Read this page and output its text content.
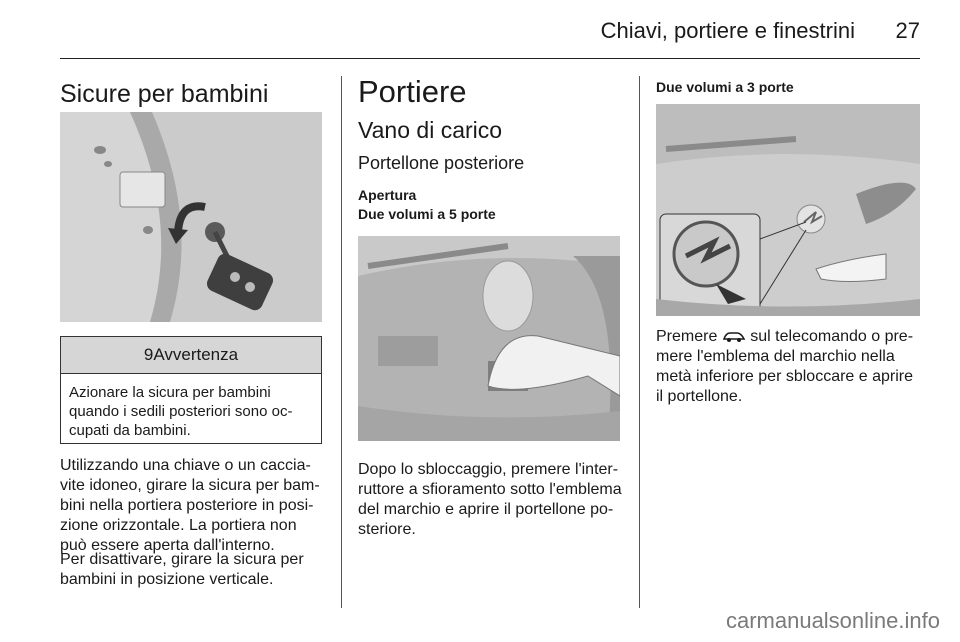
Chiavi, portiere e finestrini	27
Sicure per bambini
9 Avvertenza
Azionare la sicura per bambini quando i sedili posteriori sono oc-cupati da bambini.
Utilizzando una chiave o un caccia-vite idoneo, girare la sicura per bam-bini nella portiera posteriore in posi-zione orizzontale. La portiera non può essere aperta dall'interno.
Per disattivare, girare la sicura per bambini in posizione verticale.
Portiere
Vano di carico
Portellone posteriore
Apertura
Due volumi a 5 porte
Dopo lo sbloccaggio, premere l'inter-ruttore a sfioramento sotto l'emblema del marchio e aprire il portellone po-steriore.
Due volumi a 3 porte
Premere sul telecomando o pre-mere l'emblema del marchio nella metà inferiore per sbloccare e aprire il portellone.
carmanualsonline.info
